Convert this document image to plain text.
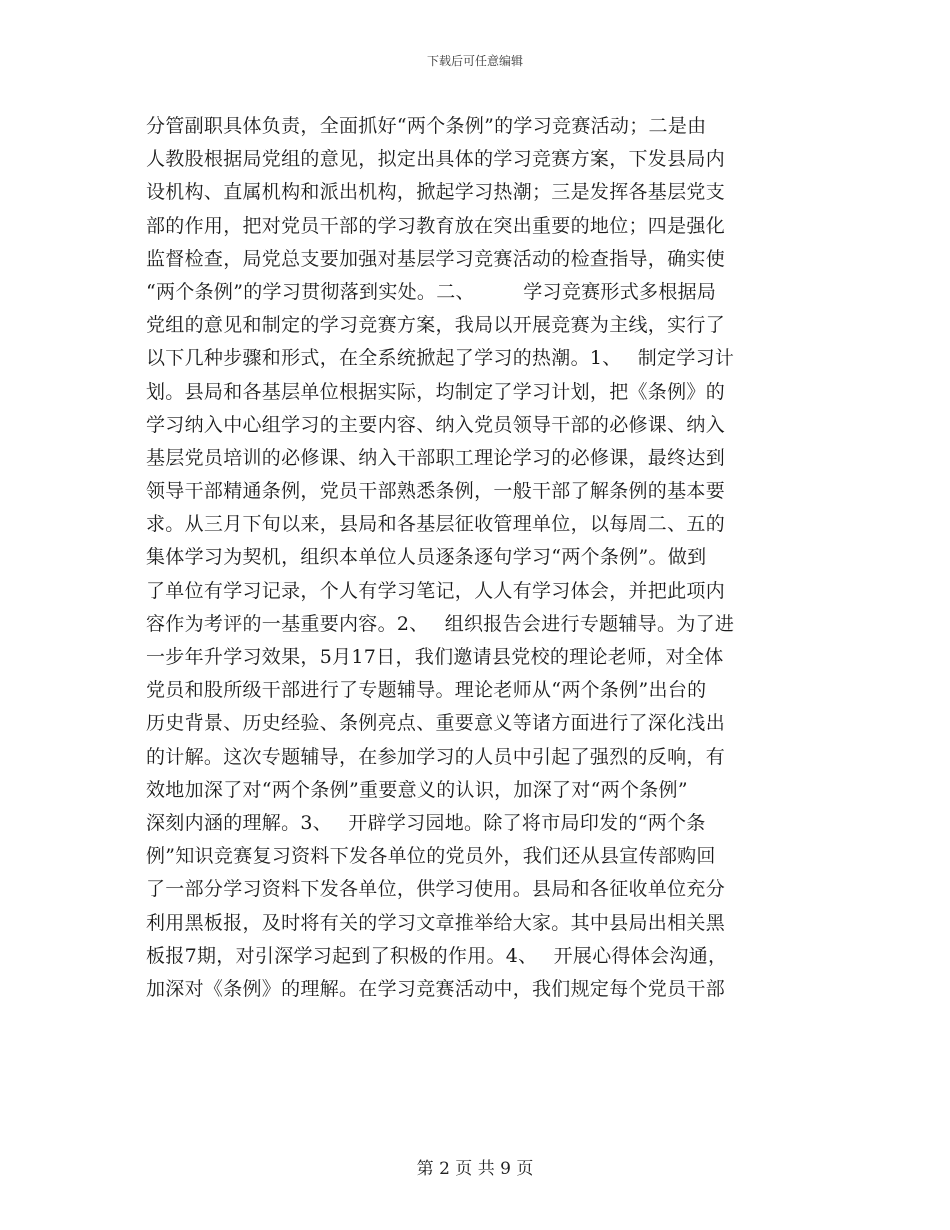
下载后可任意编辑
分管副职具体负责，全面抓好“两个条例”的学习竞赛活动；二是由
人教股根据局党组的意见，拟定出具体的学习竞赛方案，下发县局内
设机构、直属机构和派出机构，掀起学习热潮；三是发挥各基层党支
部的作用，把对党员干部的学习教育放在突出重要的地位；四是强化
监督检查，局党总支要加强对基层学习竞赛活动的检查指导，确实使
“两个条例”的学习贯彻落到实处。二、　　　学习竞赛形式多根据局
党组的意见和制定的学习竞赛方案，我局以开展竞赛为主线，实行了
以下几种步骤和形式，在全系统掀起了学习的热潮。1、　 制定学习计
划。县局和各基层单位根据实际，均制定了学习计划，把《条例》的
学习纳入中心组学习的主要内容、纳入党员领导干部的必修课、纳入
基层党员培训的必修课、纳入干部职工理论学习的必修课，最终达到
领导干部精通条例，党员干部熟悉条例，一般干部了解条例的基本要
求。从三月下旬以来，县局和各基层征收管理单位，以每周二、五的
集体学习为契机，组织本单位人员逐条逐句学习“两个条例”。做到
了单位有学习记录，个人有学习笔记，人人有学习体会，并把此项内
容作为考评的一基重要内容。2、　 组织报告会进行专题辅导。为了进
一步年升学习效果，5月17日，我们邀请县党校的理论老师，对全体
党员和股所级干部进行了专题辅导。理论老师从“两个条例”出台的
历史背景、历史经验、条例亮点、重要意义等诸方面进行了深化浅出
的计解。这次专题辅导，在参加学习的人员中引起了强烈的反响，有
效地加深了对“两个条例”重要意义的认识，加深了对“两个条例”
深刻内涵的理解。3、　 开辟学习园地。除了将市局印发的“两个条
例”知识竞赛复习资料下发各单位的党员外，我们还从县宣传部购回
了一部分学习资料下发各单位，供学习使用。县局和各征收单位充分
利用黑板报，及时将有关的学习文章推举给大家。其中县局出相关黑
板报7期，对引深学习起到了积极的作用。4、　 开展心得体会沟通，
加深对《条例》的理解。在学习竞赛活动中，我们规定每个党员干部
第 2 页 共 9 页
